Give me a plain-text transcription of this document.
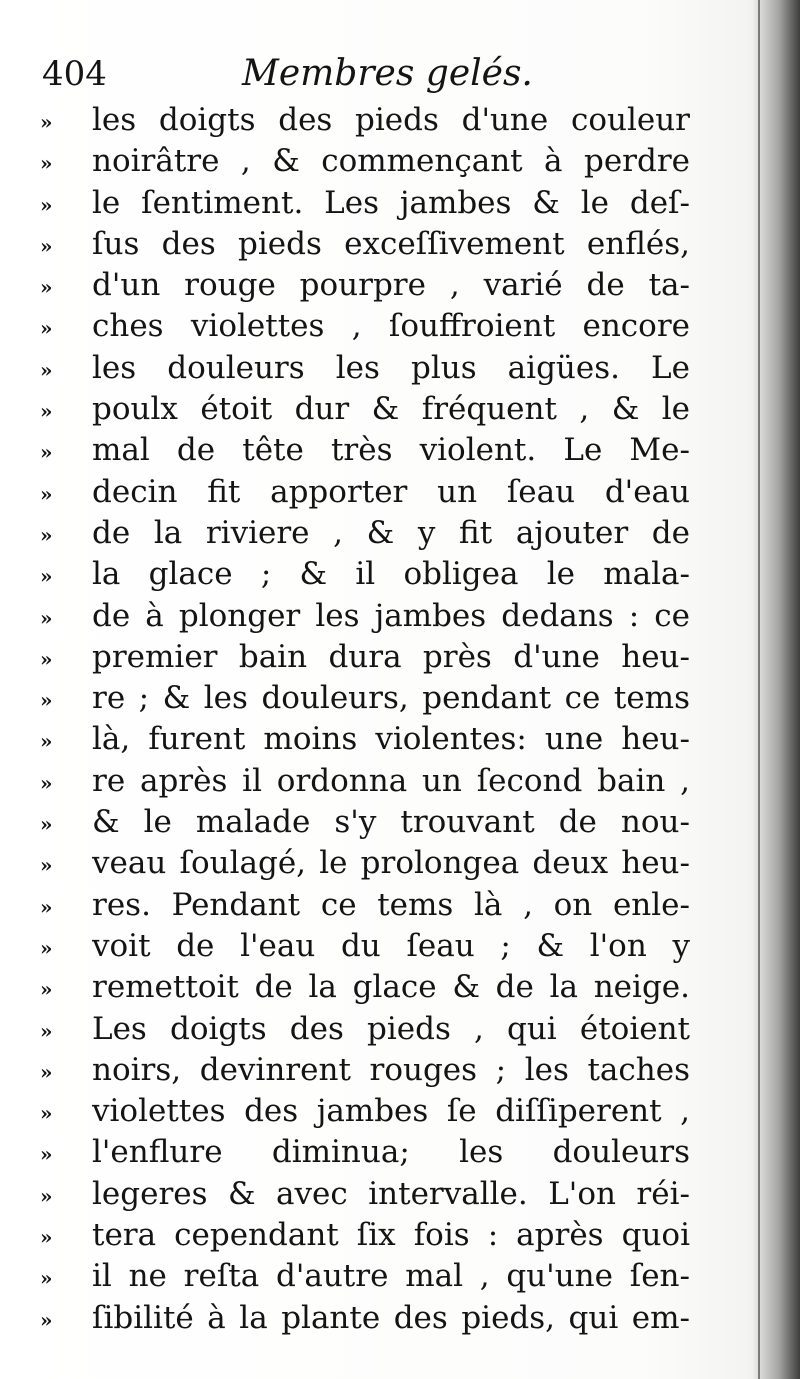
404	Membres gelés.
»	les doigts des pieds d'une couleur
»	noirâtre , & commençant à perdre
»	le ſentiment. Les jambes & le deſ-
»	ſus des pieds exceſſivement enflés,
»	d'un rouge pourpre , varié de ta-
»	ches violettes , ſouffroient encore
»	les douleurs les plus aigües. Le
»	poulx étoit dur & fréquent , & le
»	mal de tête très violent. Le Me-
»	decin fit apporter un ſeau d'eau
»	de la riviere , & y fit ajouter de
»	la glace ; & il obligea le mala-
»	de à plonger les jambes dedans : ce
»	premier bain dura près d'une heu-
»	re ; & les douleurs, pendant ce tems
»	là, furent moins violentes: une heu-
»	re après il ordonna un ſecond bain ,
»	& le malade s'y trouvant de nou-
»	veau ſoulagé, le prolongea deux heu-
»	res. Pendant ce tems là , on enle-
»	voit de l'eau du ſeau ; & l'on y
»	remettoit de la glace & de la neige.
»	Les doigts des pieds , qui étoient
»	noirs, devinrent rouges ; les taches
»	violettes des jambes ſe diſſiperent ,
»	l'enflure diminua; les douleurs
»	legeres & avec intervalle. L'on réi-
»	tera cependant ſix fois : après quoi
»	il ne reſta d'autre mal , qu'une ſen-
»	ſibilité à la plante des pieds, qui em-
